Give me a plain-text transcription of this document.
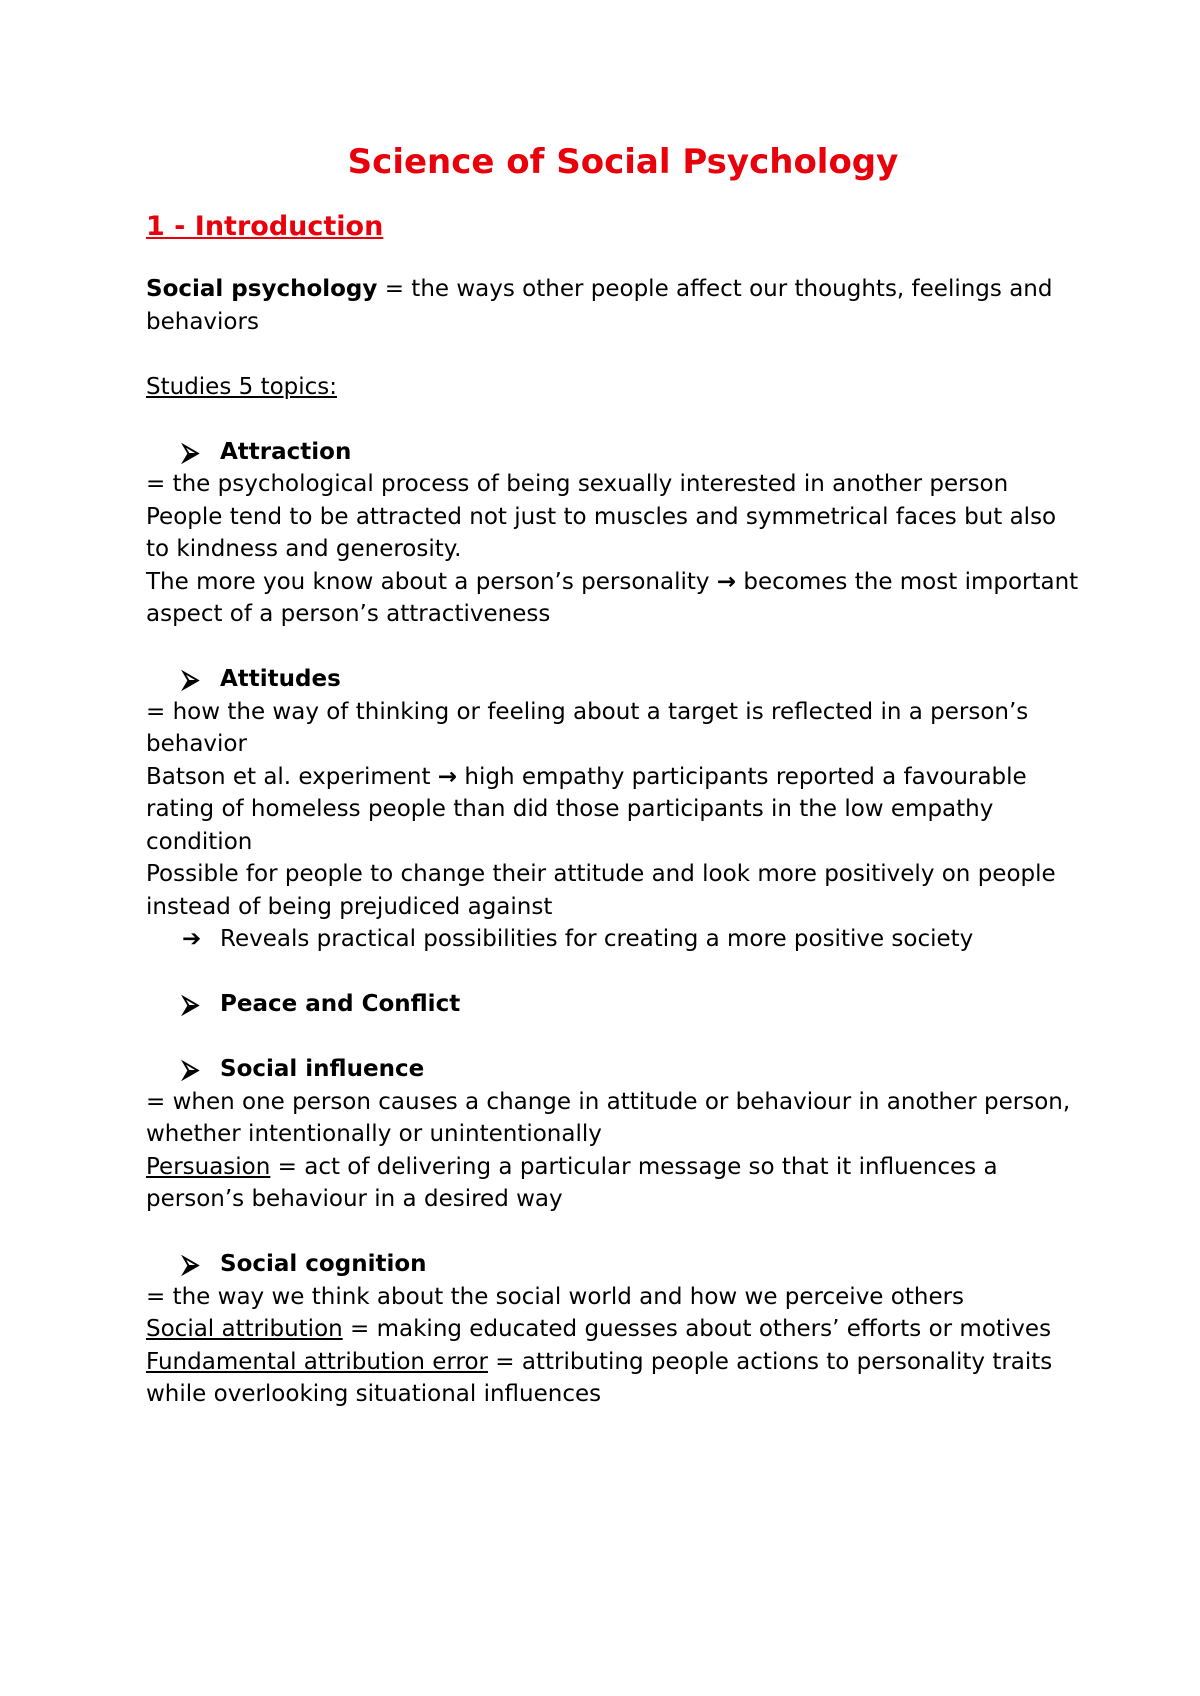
Science of Social Psychology
1 - Introduction

Social psychology = the ways other people affect our thoughts, feelings and behaviors

Studies 5 topics:

⮚ Attraction

= the psychological process of being sexually interested in another person

People tend to be attracted not just to muscles and symmetrical faces but also to kindness and generosity.

The more you know about a person’s personality → becomes the most important aspect of a person’s attractiveness

⮚ Attitudes

= how the way of thinking or feeling about a target is reflected in a person’s behavior

Batson et al. experiment → high empathy participants reported a favourable rating of homeless people than did those participants in the low empathy condition

Possible for people to change their attitude and look more positively on people instead of being prejudiced against

➔ Reveals practical possibilities for creating a more positive society

⮚ Peace and Conflict

⮚ Social influence

= when one person causes a change in attitude or behaviour in another person, whether intentionally or unintentionally

Persuasion = act of delivering a particular message so that it influences a person’s behaviour in a desired way

⮚ Social cognition

= the way we think about the social world and how we perceive others

Social attribution = making educated guesses about others’ efforts or motives

Fundamental attribution error = attributing people actions to personality traits while overlooking situational influences
